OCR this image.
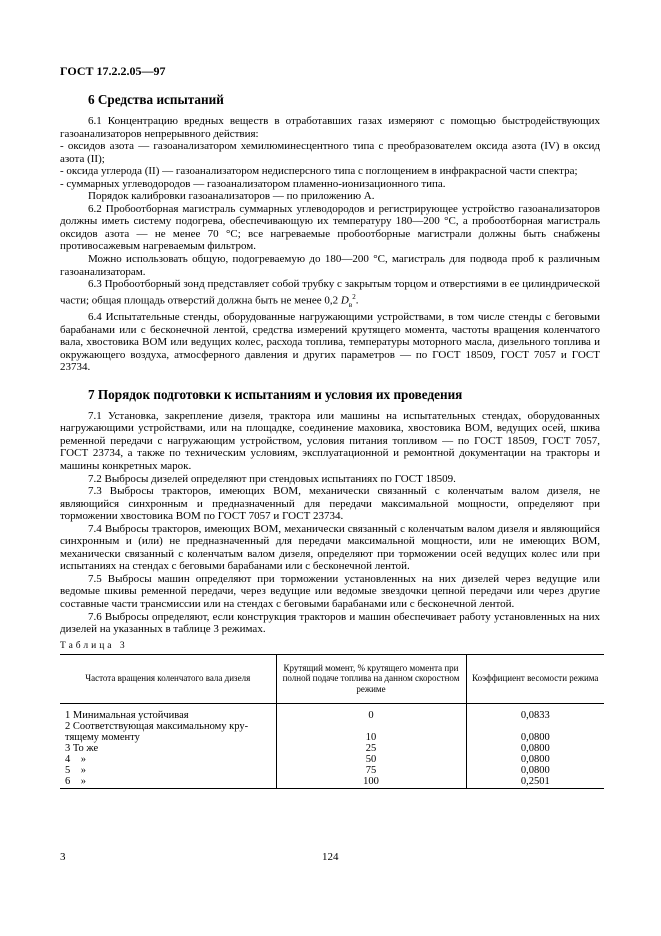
ГОСТ 17.2.2.05—97
6 Средства испытаний

6.1 Концентрацию вредных веществ в отработавших газах измеряют с помощью быстродействующих газоанализаторов непрерывного действия:

- оксидов азота — газоанализатором хемилюминесцентного типа с преобразователем оксида азота (IV) в оксид азота (II);

- оксида углерода (II) — газоанализатором недисперсного типа с поглощением в инфракрасной части спектра;

- суммарных углеводородов — газоанализатором пламенно-ионизационного типа.

Порядок калибровки газоанализаторов — по приложению А.

6.2 Пробоотборная магистраль суммарных углеводородов и регистрирующее устройство газоанализаторов должны иметь систему подогрева, обеспечивающую их температуру 180—200 °С, а пробоотборная магистраль оксидов азота — не менее 70 °С; все нагреваемые пробоотборные магистрали должны быть снабжены противосажевым нагреваемым фильтром.

Можно использовать общую, подогреваемую до 180—200 °С, магистраль для подвода проб к различным газоанализаторам.

6.3 Пробоотборный зонд представляет собой трубку с закрытым торцом и отверстиями в ее цилиндрической части; общая площадь отверстий должна быть не менее 0,2 $D_в^2$.

6.4 Испытательные стенды, оборудованные нагружающими устройствами, в том числе стенды с беговыми барабанами или с бесконечной лентой, средства измерений крутящего момента, частоты вращения коленчатого вала, хвостовика ВОМ или ведущих колес, расхода топлива, температуры моторного масла, дизельного топлива и окружающего воздуха, атмосферного давления и других параметров — по ГОСТ 18509, ГОСТ 7057 и ГОСТ 23734.

7 Порядок подготовки к испытаниям и условия их проведения

7.1 Установка, закрепление дизеля, трактора или машины на испытательных стендах, оборудованных нагружающими устройствами, или на площадке, соединение маховика, хвостовика ВОМ, ведущих осей, шкива ременной передачи с нагружающим устройством, условия питания топливом — по ГОСТ 18509, ГОСТ 7057, ГОСТ 23734, а также по техническим условиям, эксплуатационной и ремонтной документации на тракторы и машины конкретных марок.

7.2 Выбросы дизелей определяют при стендовых испытаниях по ГОСТ 18509.

7.3 Выбросы тракторов, имеющих ВОМ, механически связанный с коленчатым валом дизеля, не являющийся синхронным и предназначенный для передачи максимальной мощности, определяют при торможении хвостовика ВОМ по ГОСТ 7057 и ГОСТ 23734.

7.4 Выбросы тракторов, имеющих ВОМ, механически связанный с коленчатым валом дизеля и являющийся синхронным и (или) не предназначенный для передачи максимальной мощности, или не имеющих ВОМ, механически связанный с коленчатым валом дизеля, определяют при торможении осей ведущих колес или при испытаниях на стендах с беговыми барабанами или с бесконечной лентой.

7.5 Выбросы машин определяют при торможении установленных на них дизелей через ведущие или ведомые шкивы ременной передачи, через ведущие или ведомые звездочки цепной передачи или через другие составные части трансмиссии или на стендах с беговыми барабанами или с бесконечной лентой.

7.6 Выбросы определяют, если конструкция тракторов и машин обеспечивает работу установленных на них дизелей на указанных в таблице 3 режимах.

Таблица 3
Частота вращения коленчатого вала дизеля	Крутящий момент, % крутящего момента при полной подаче топлива на данном скоростном режиме	Коэффициент весомости режима
1 Минимальная устойчивая	0	0,0833
2 Соответствующая максимальному кру-		
тящему моменту	10	0,0800
3 То же	25	0,0800
4    »	50	0,0800
5    »	75	0,0800
6    »	100	0,2501
3	124
